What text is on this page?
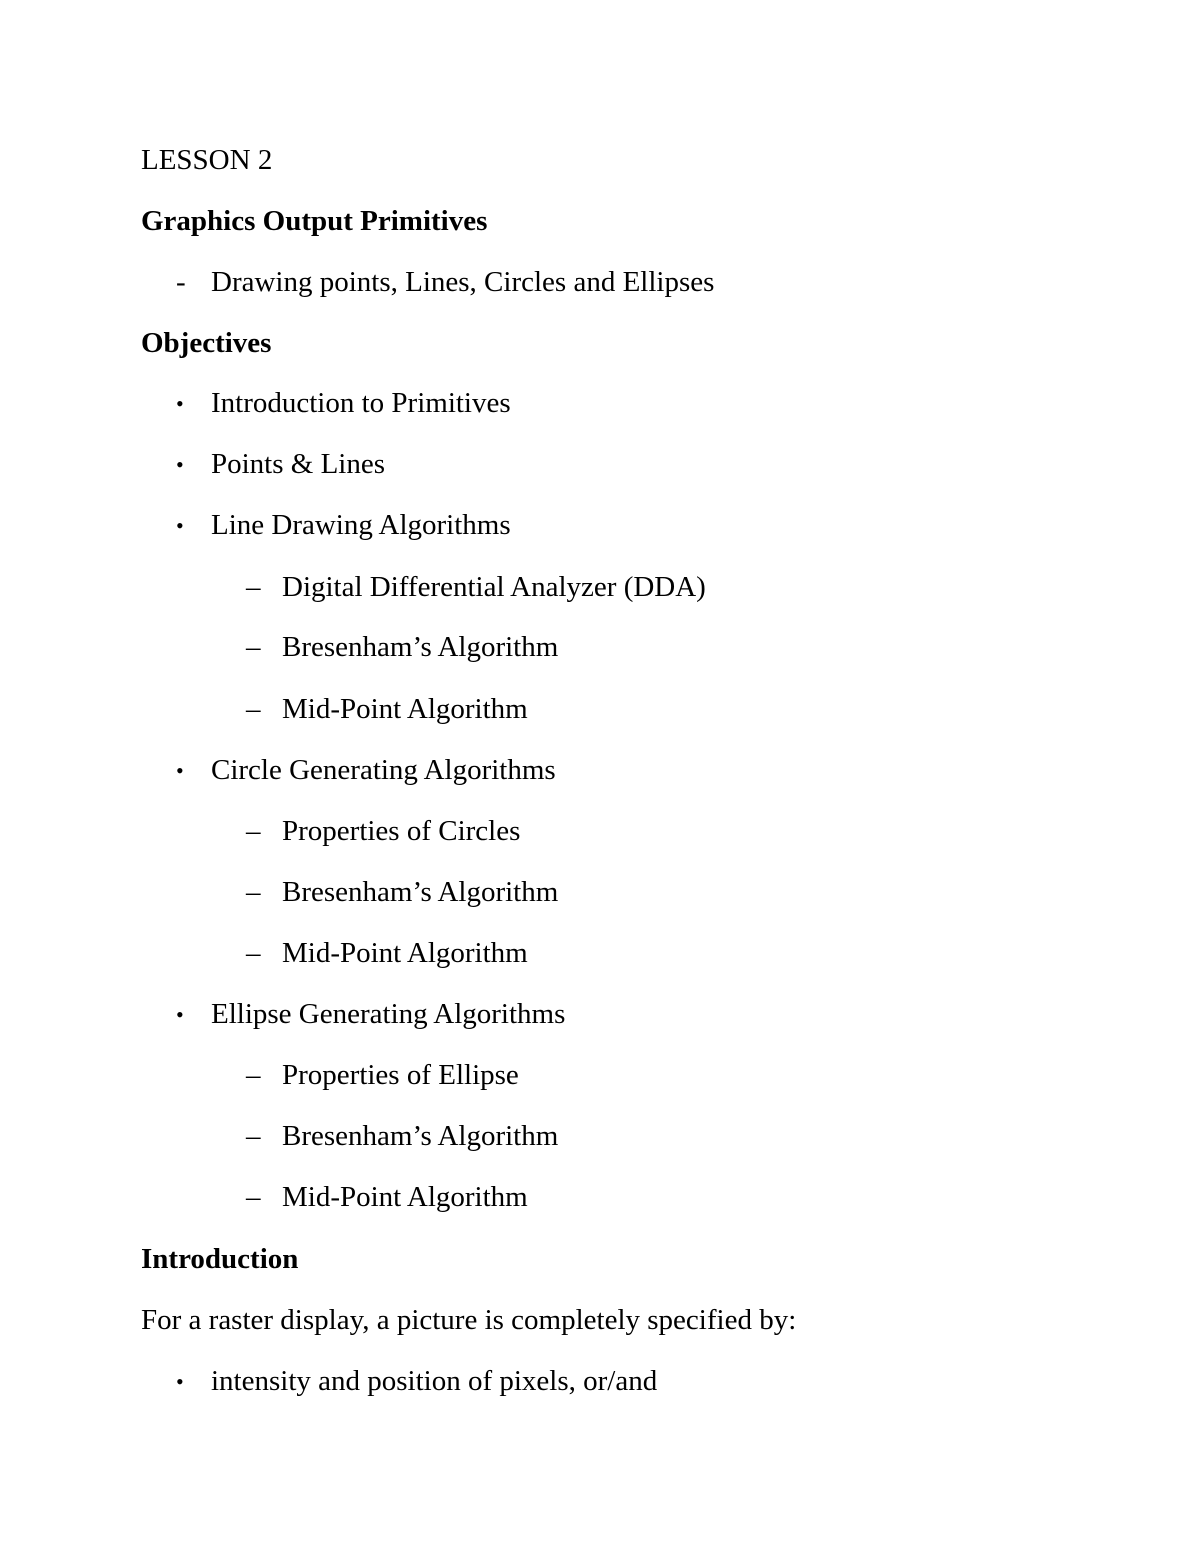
LESSON 2
Graphics Output Primitives
- Drawing points, Lines, Circles and Ellipses
Objectives
• Introduction to Primitives
• Points & Lines
• Line Drawing Algorithms
– Digital Differential Analyzer (DDA)
– Bresenham’s Algorithm
– Mid-Point Algorithm
• Circle Generating Algorithms
– Properties of Circles
– Bresenham’s Algorithm
– Mid-Point Algorithm
• Ellipse Generating Algorithms
– Properties of Ellipse
– Bresenham’s Algorithm
– Mid-Point Algorithm
Introduction
For a raster display, a picture is completely specified by:
• intensity and position of pixels, or/and
